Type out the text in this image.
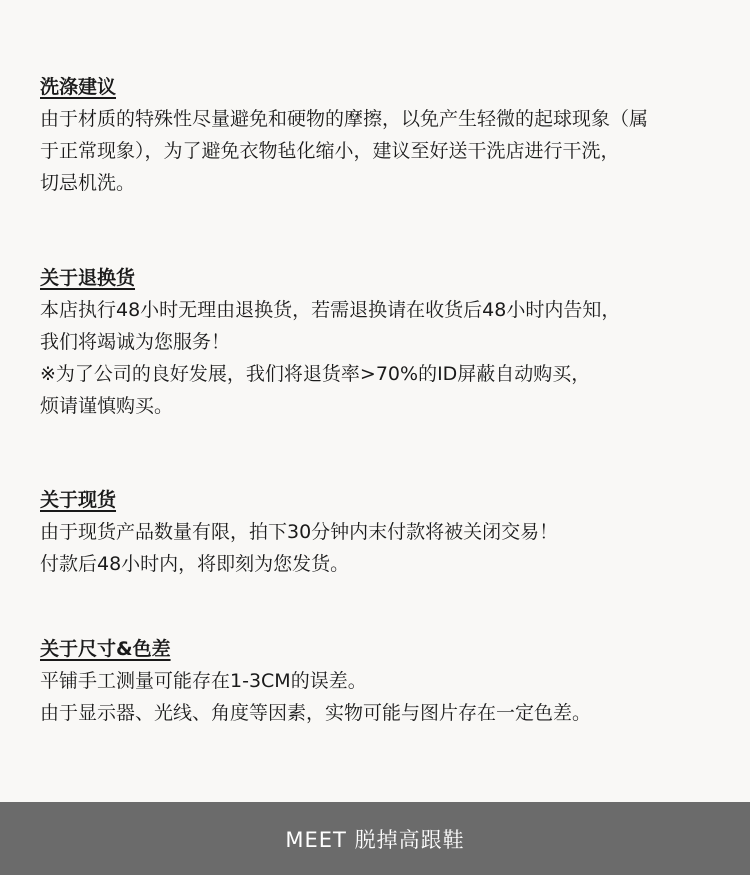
洗涤建议

由于材质的特殊性尽量避免和硬物的摩擦，以免产生轻微的起球现象（属

于正常现象），为了避免衣物毡化缩小，建议至好送干洗店进行干洗，

切忌机洗。

关于退换货

本店执行48小时无理由退换货，若需退换请在收货后48小时内告知，

我们将竭诚为您服务！

※为了公司的良好发展，我们将退货率>70%的ID屏蔽自动购买，

烦请谨慎购买。

关于现货

由于现货产品数量有限，拍下30分钟内末付款将被关闭交易！

付款后48小时内，将即刻为您发货。

关于尺寸&色差

平铺手工测量可能存在1-3CM的误差。

由于显示器、光线、角度等因素，实物可能与图片存在一定色差。

MEET 脱掉高跟鞋
